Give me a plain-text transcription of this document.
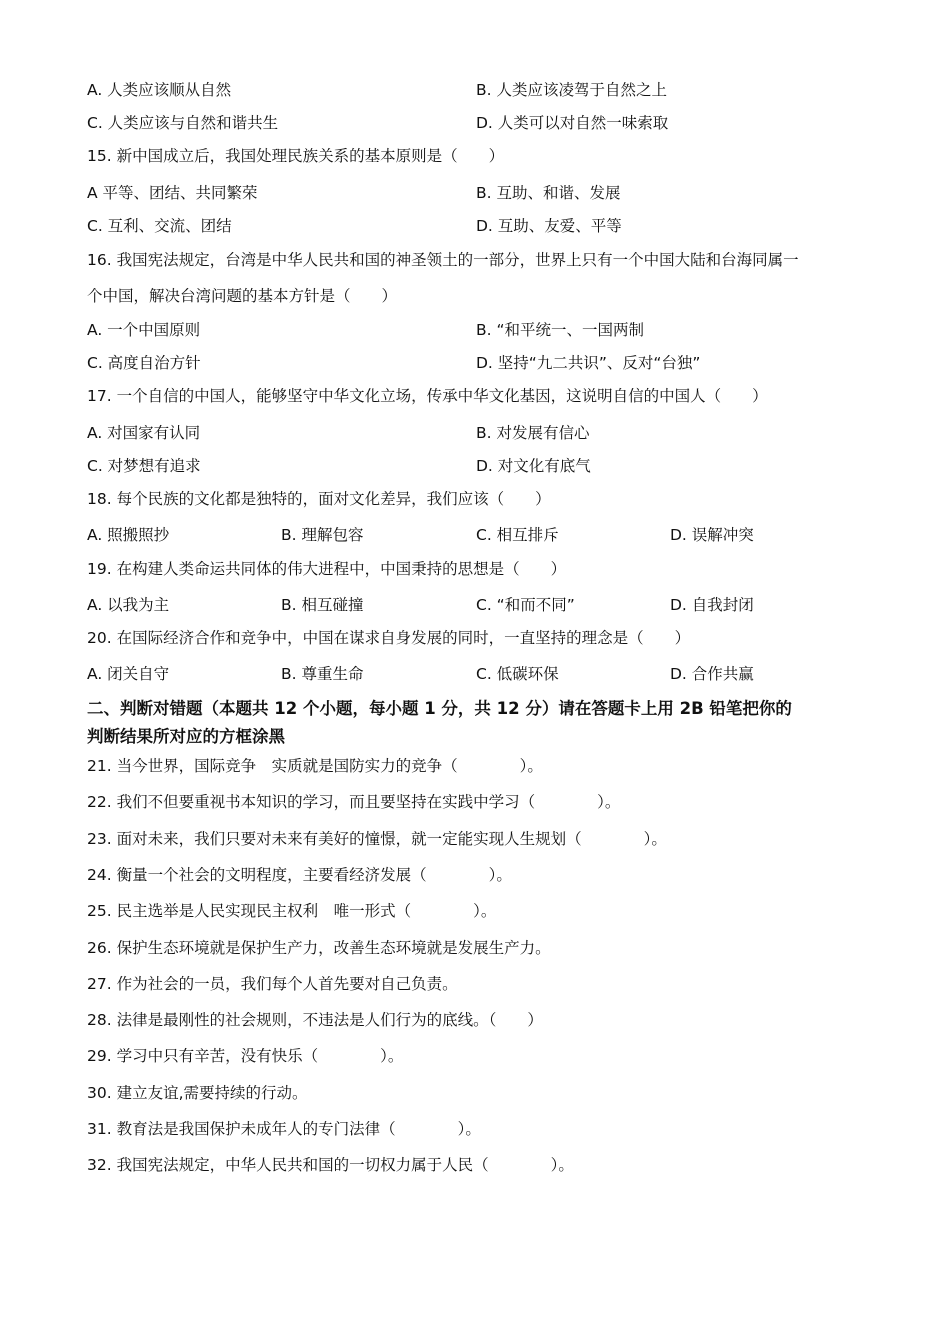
A. 人类应该顺从自然	B. 人类应该凌驾于自然之上
C. 人类应该与自然和谐共生	D. 人类可以对自然一味索取
15. 新中国成立后，我国处理民族关系的基本原则是（　　）
A 平等、团结、共同繁荣	B. 互助、和谐、发展
C. 互利、交流、团结	D. 互助、友爱、平等
16. 我国宪法规定，台湾是中华人民共和国的神圣领土的一部分，世界上只有一个中国大陆和台海同属一
个中国，解决台湾问题的基本方针是（　　）
A. 一个中国原则	B. “和平统一、一国两制
C. 高度自治方针	D. 坚持“九二共识”、反对“台独”
17. 一个自信的中国人，能够坚守中华文化立场，传承中华文化基因，这说明自信的中国人（　　）
A. 对国家有认同	B. 对发展有信心
C. 对梦想有追求	D. 对文化有底气
18. 每个民族的文化都是独特的，面对文化差异，我们应该（　　）
A. 照搬照抄	B. 理解包容	C. 相互排斥	D. 误解冲突
19. 在构建人类命运共同体的伟大进程中，中国秉持的思想是（　　）
A. 以我为主	B. 相互碰撞	C. “和而不同”	D. 自我封闭
20. 在国际经济合作和竞争中，中国在谋求自身发展的同时，一直坚持的理念是（　　）
A. 闭关自守	B. 尊重生命	C. 低碳环保	D. 合作共赢
二、判断对错题（本题共 12 个小题，每小题 1 分，共 12 分）请在答题卡上用 2B 铅笔把你的
判断结果所对应的方框涂黑
21. 当今世界，国际竞争　实质就是国防实力的竞争（　　　　）。
22. 我们不但要重视书本知识的学习，而且要坚持在实践中学习（　　　　）。
23. 面对未来，我们只要对未来有美好的憧憬，就一定能实现人生规划（　　　　）。
24. 衡量一个社会的文明程度，主要看经济发展（　　　　）。
25. 民主选举是人民实现民主权利　唯一形式（　　　　）。
26. 保护生态环境就是保护生产力，改善生态环境就是发展生产力。
27. 作为社会的一员，我们每个人首先要对自己负责。
28. 法律是最刚性的社会规则，不违法是人们行为的底线。（　　）
29. 学习中只有辛苦，没有快乐（　　　　）。
30. 建立友谊,需要持续的行动。
31. 教育法是我国保护未成年人的专门法律（　　　　）。
32. 我国宪法规定，中华人民共和国的一切权力属于人民（　　　　）。
